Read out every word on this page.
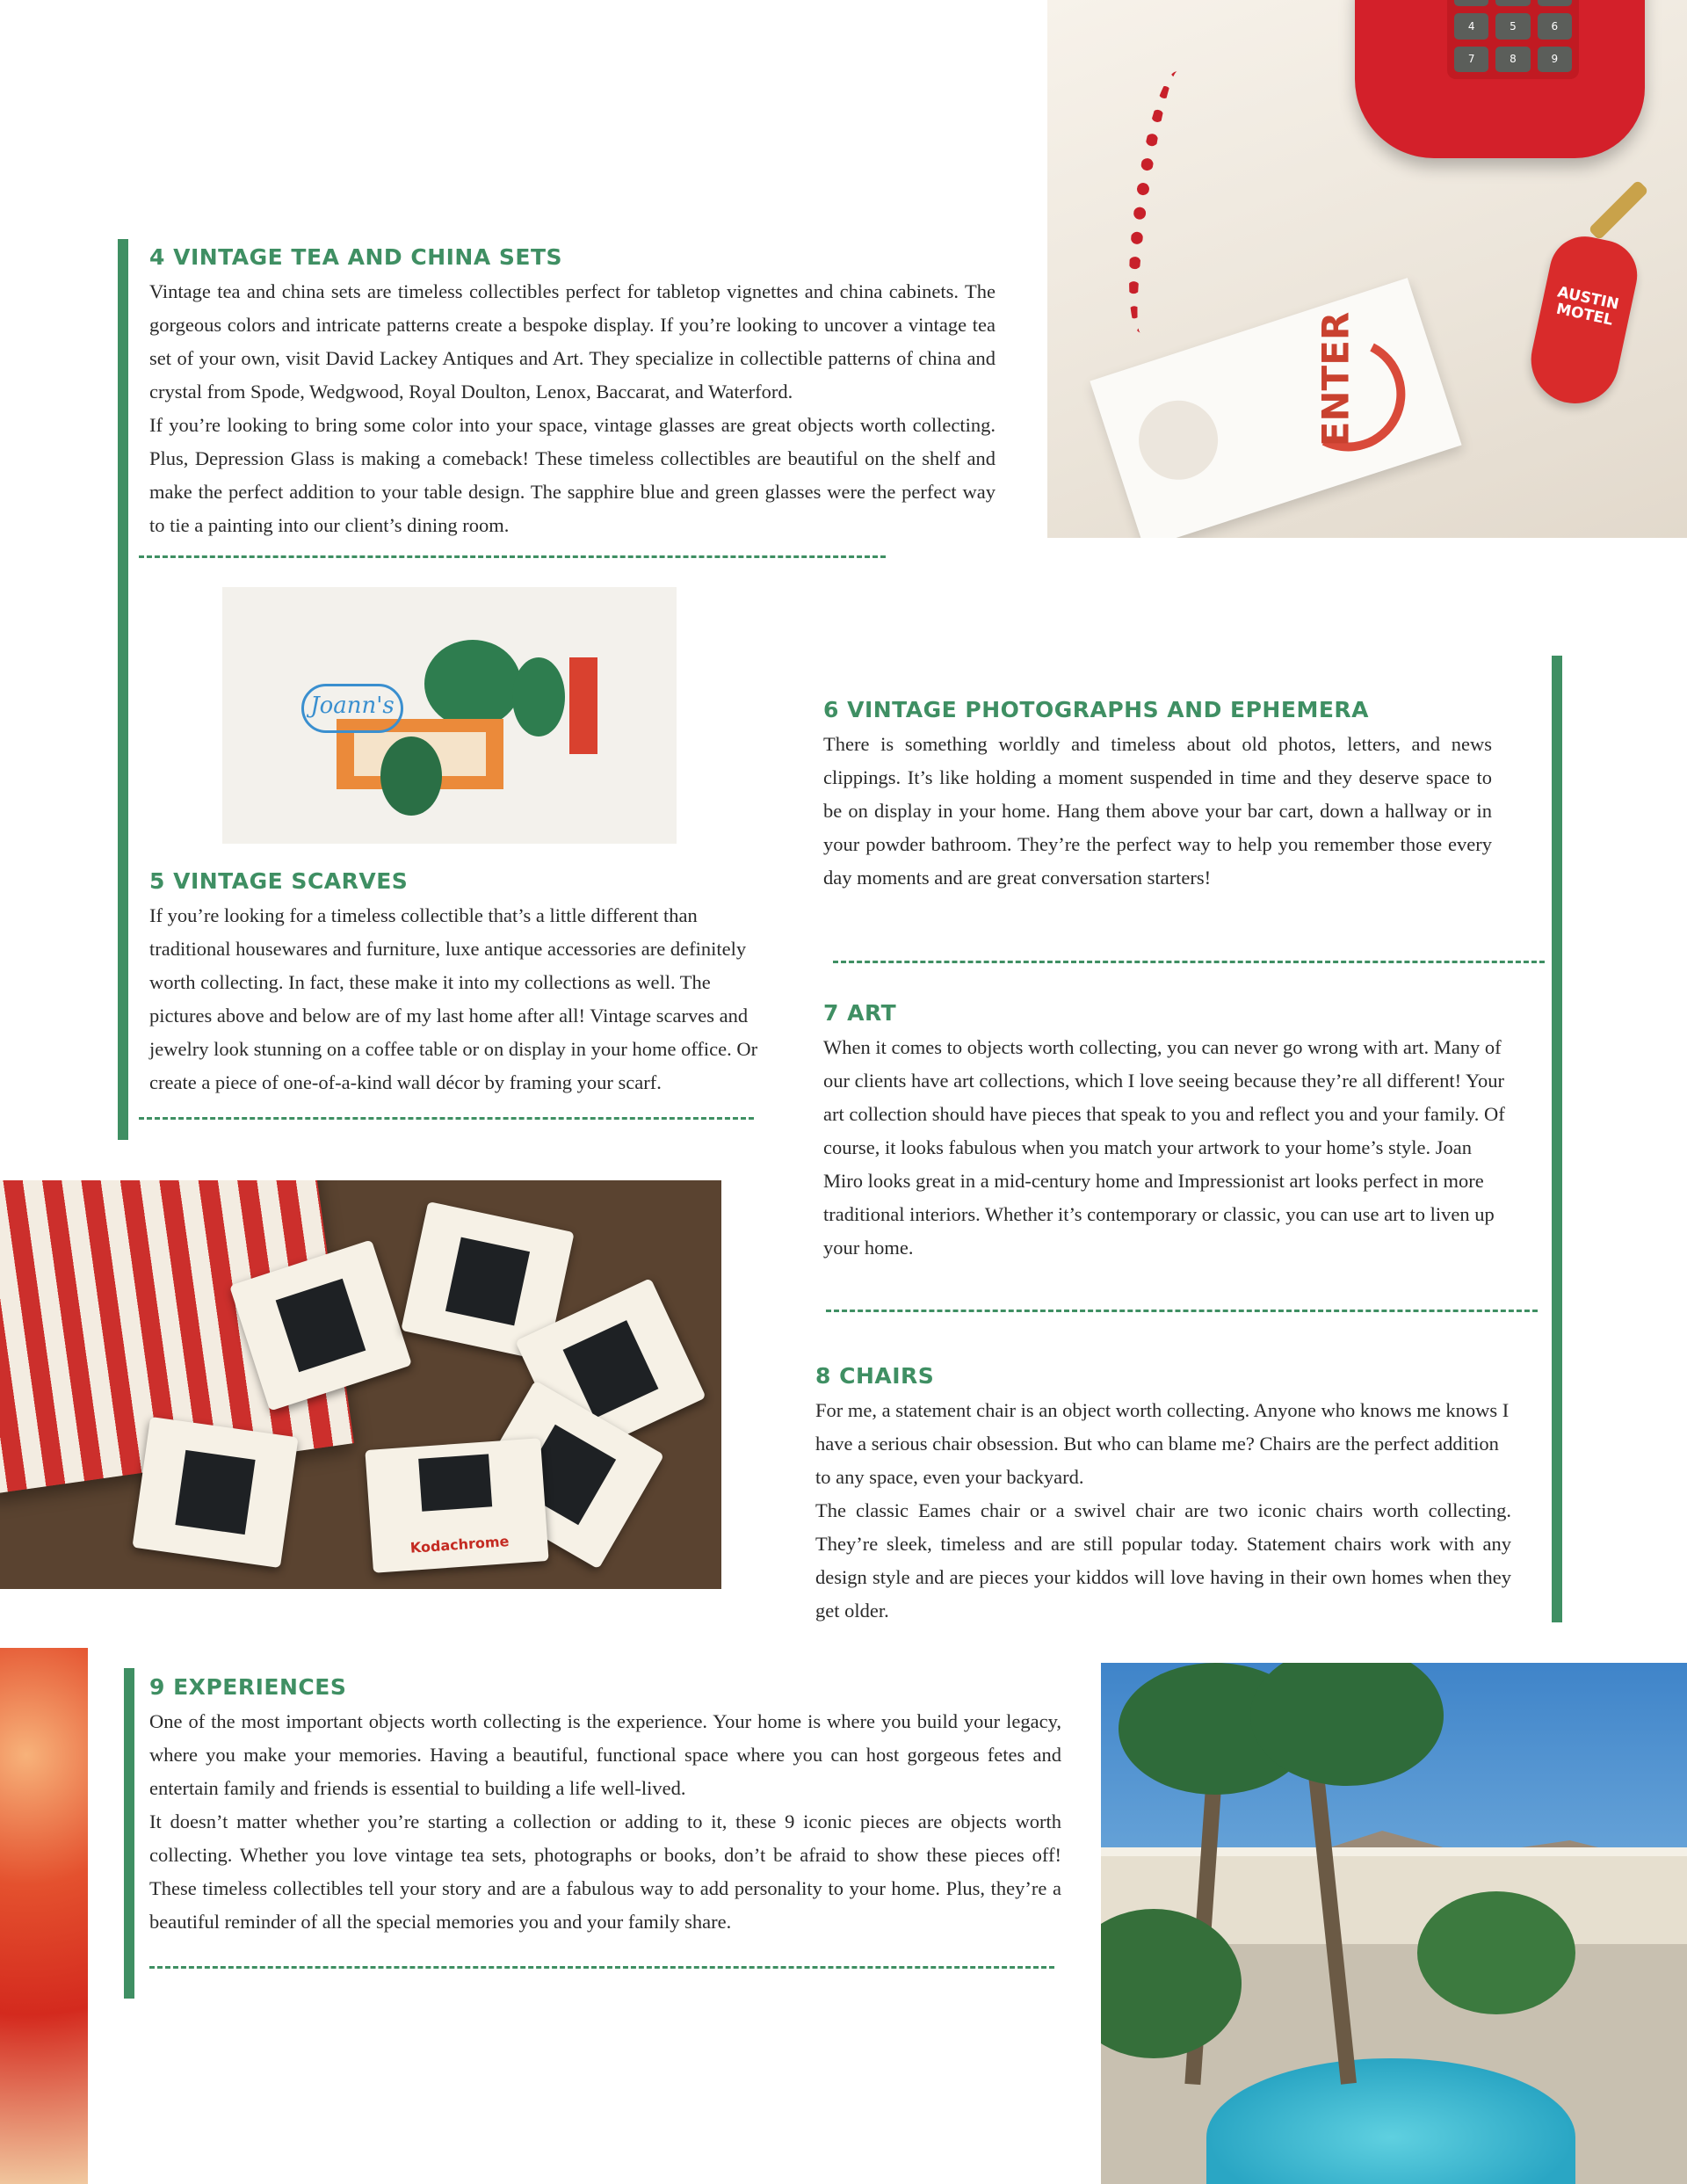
4	5	6
7	8	9
ENTER
AUSTIN MOTEL
Joann's
Kodachrome
4 VINTAGE TEA AND CHINA SETS

Vintage tea and china sets are timeless collectibles perfect for tabletop vignettes and china cabinets. The gorgeous colors and intricate patterns create a bespoke display. If you’re looking to uncover a vintage tea set of your own, visit David Lackey Antiques and Art. They specialize in collectible patterns of china and crystal from Spode, Wedgwood, Royal Doulton, Lenox, Baccarat, and Waterford.

If you’re looking to bring some color into your space, vintage glasses are great objects worth collecting. Plus, Depression Glass is making a comeback! These timeless collectibles are beautiful on the shelf and make the perfect addition to your table design. The sapphire blue and green glasses were the perfect way to tie a painting into our client’s dining room.

5 VINTAGE SCARVES

If you’re looking for a timeless collectible that’s a little different than traditional housewares and furniture, luxe antique accessories are definitely worth collecting. In fact, these make it into my collections as well. The pictures above and below are of my last home after all! Vintage scarves and jewelry look stunning on a coffee table or on display in your home office. Or create a piece of one-of-a-kind wall décor by framing your scarf.

6 VINTAGE PHOTOGRAPHS AND EPHEMERA

There is something worldly and timeless about old photos, letters, and news clippings. It’s like holding a moment suspended in time and they deserve space to be on display in your home. Hang them above your bar cart, down a hallway or in your powder bathroom. They’re the perfect way to help you remember those every day moments and are great conversation starters!

7 ART

When it comes to objects worth collecting, you can never go wrong with art. Many of our clients have art collections, which I love seeing because they’re all different! Your art collection should have pieces that speak to you and reflect you and your family. Of course, it looks fabulous when you match your artwork to your home’s style. Joan Miro looks great in a mid-century home and Impressionist art looks perfect in more traditional interiors. Whether it’s contemporary or classic, you can use art to liven up your home.

8 CHAIRS

For me, a statement chair is an object worth collecting. Anyone who knows me knows I have a serious chair obsession. But who can blame me? Chairs are the perfect addition to any space, even your backyard.

The classic Eames chair or a swivel chair are two iconic chairs worth collecting. They’re sleek, timeless and are still popular today. Statement chairs work with any design style and are pieces your kiddos will love having in their own homes when they get older.

9 EXPERIENCES

One of the most important objects worth collecting is the experience. Your home is where you build your legacy, where you make your memories. Having a beautiful, functional space where you can host gorgeous fetes and entertain family and friends is essential to building a life well-lived.

It doesn’t matter whether you’re starting a collection or adding to it, these 9 iconic pieces are objects worth collecting. Whether you love vintage tea sets, photographs or books, don’t be afraid to show these pieces off! These timeless collectibles tell your story and are a fabulous way to add personality to your home. Plus, they’re a beautiful reminder of all the special memories you and your family share.
